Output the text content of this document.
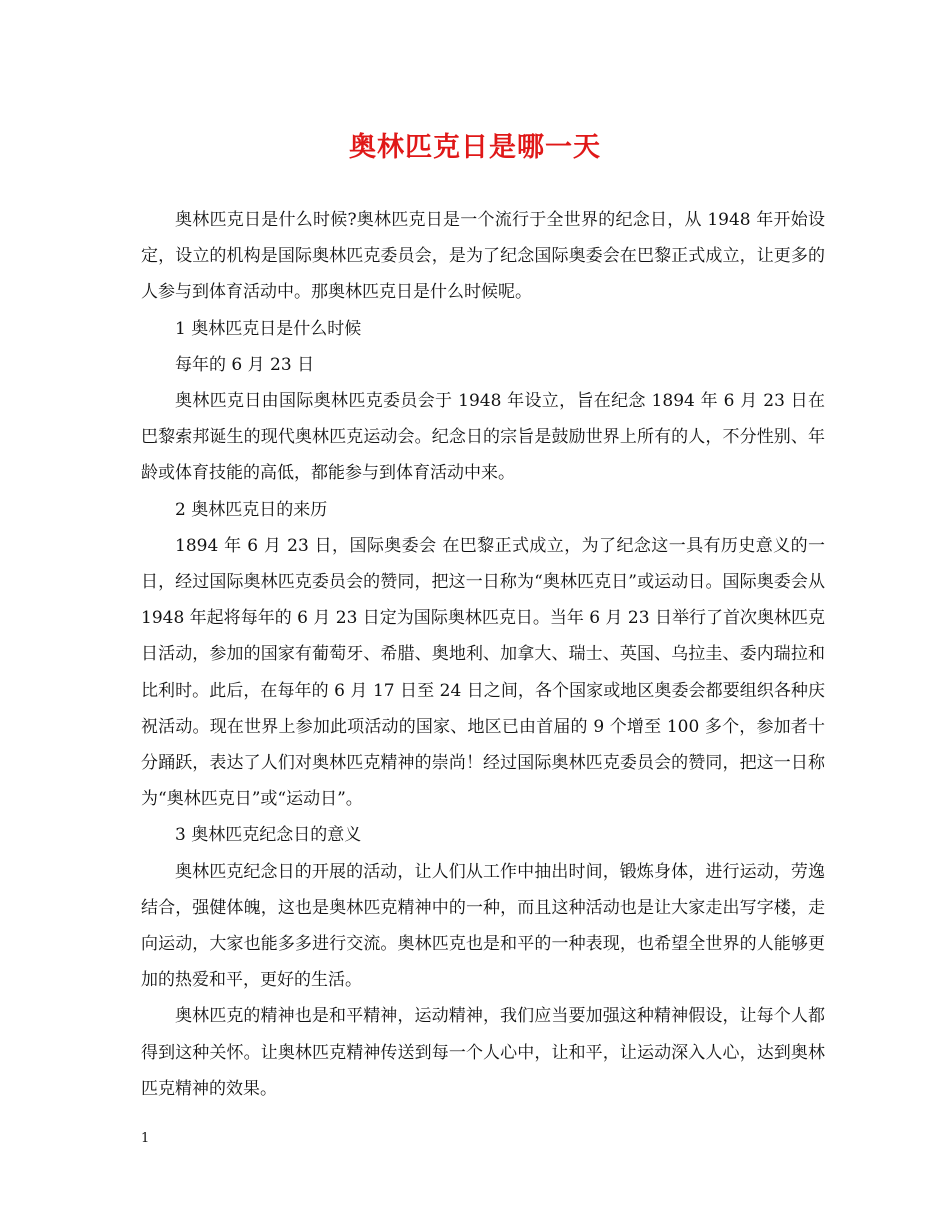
奥林匹克日是哪一天

奥林匹克日是什么时候?奥林匹克日是一个流行于全世界的纪念日，从 1948 年开始设定，设立的机构是国际奥林匹克委员会，是为了纪念国际奥委会在巴黎正式成立，让更多的人参与到体育活动中。那奥林匹克日是什么时候呢。

1 奥林匹克日是什么时候

每年的 6 月 23 日

奥林匹克日由国际奥林匹克委员会于 1948 年设立，旨在纪念 1894 年 6 月 23 日在巴黎索邦诞生的现代奥林匹克运动会。纪念日的宗旨是鼓励世界上所有的人，不分性别、年龄或体育技能的高低，都能参与到体育活动中来。

2 奥林匹克日的来历

1894 年 6 月 23 日，国际奥委会 在巴黎正式成立，为了纪念这一具有历史意义的一日，经过国际奥林匹克委员会的赞同，把这一日称为“奥林匹克日”或运动日。国际奥委会从 1948 年起将每年的 6 月 23 日定为国际奥林匹克日。当年 6 月 23 日举行了首次奥林匹克日活动，参加的国家有葡萄牙、希腊、奥地利、加拿大、瑞士、英国、乌拉圭、委内瑞拉和比利时。此后，在每年的 6 月 17 日至 24 日之间，各个国家或地区奥委会都要组织各种庆祝活动。现在世界上参加此项活动的国家、地区已由首届的 9 个增至 100 多个，参加者十分踊跃，表达了人们对奥林匹克精神的崇尚！经过国际奥林匹克委员会的赞同，把这一日称为“奥林匹克日”或“运动日”。

3 奥林匹克纪念日的意义

奥林匹克纪念日的开展的活动，让人们从工作中抽出时间，锻炼身体，进行运动，劳逸结合，强健体魄，这也是奥林匹克精神中的一种，而且这种活动也是让大家走出写字楼，走向运动，大家也能多多进行交流。奥林匹克也是和平的一种表现，也希望全世界的人能够更加的热爱和平，更好的生活。

奥林匹克的精神也是和平精神，运动精神，我们应当要加强这种精神假设，让每个人都得到这种关怀。让奥林匹克精神传送到每一个人心中，让和平，让运动深入人心，达到奥林匹克精神的效果。

1
